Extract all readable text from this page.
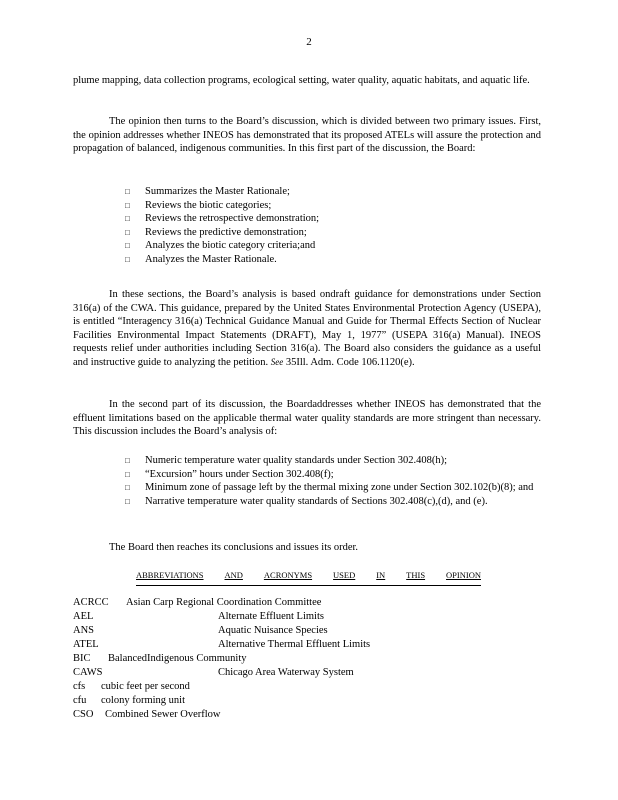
2

plume mapping, data collection programs, ecological setting, water quality, aquatic habitats, and aquatic life.

The opinion then turns to the Board’s discussion, which is divided between two primary issues. First, the opinion addresses whether INEOS has demonstrated that its proposed ATELs will assure the protection and propagation of balanced, indigenous communities. In this first part of the discussion, the Board:

□	Summarizes the Master Rationale;
□	Reviews the biotic categories;
□	Reviews the retrospective demonstration;
□	Reviews the predictive demonstration;
□	Analyzes the biotic category criteria;and
□	Analyzes the Master Rationale.

In these sections, the Board’s analysis is based ondraft guidance for demonstrations under Section 316(a) of the CWA. This guidance, prepared by the United States Environmental Protection Agency (USEPA), is entitled “Interagency 316(a) Technical Guidance Manual and Guide for Thermal Effects Section of Nuclear Facilities Environmental Impact Statements (DRAFT), May 1, 1977” (USEPA 316(a) Manual). INEOS requests relief under authorities including Section 316(a). The Board also considers the guidance as a useful and instructive guide to analyzing the petition. See 35Ill. Adm. Code 106.1120(e).

In the second part of its discussion, the Boardaddresses whether INEOS has demonstrated that the effluent limitations based on the applicable thermal water quality standards are more stringent than necessary. This discussion includes the Board’s analysis of:

□	Numeric temperature water quality standards under Section 302.408(h);
□	“Excursion” hours under Section 302.408(f);
□	Minimum zone of passage left by the thermal mixing zone under Section 302.102(b)(8); and
□	Narrative temperature water quality standards of Sections 302.408(c),(d), and (e).

The Board then reaches its conclusions and issues its order.

ABBREVIATIONS AND ACRONYMS USED IN THIS OPINION
ACRCC Asian Carp Regional Coordination Committee
AEL	Alternate Effluent Limits
ANS	Aquatic Nuisance Species
ATEL	Alternative Thermal Effluent Limits
BIC BalancedIndigenous Community
CAWS	Chicago Area Waterway System
cfs cubic feet per second
cfu colony forming unit
CSO Combined Sewer Overflow
